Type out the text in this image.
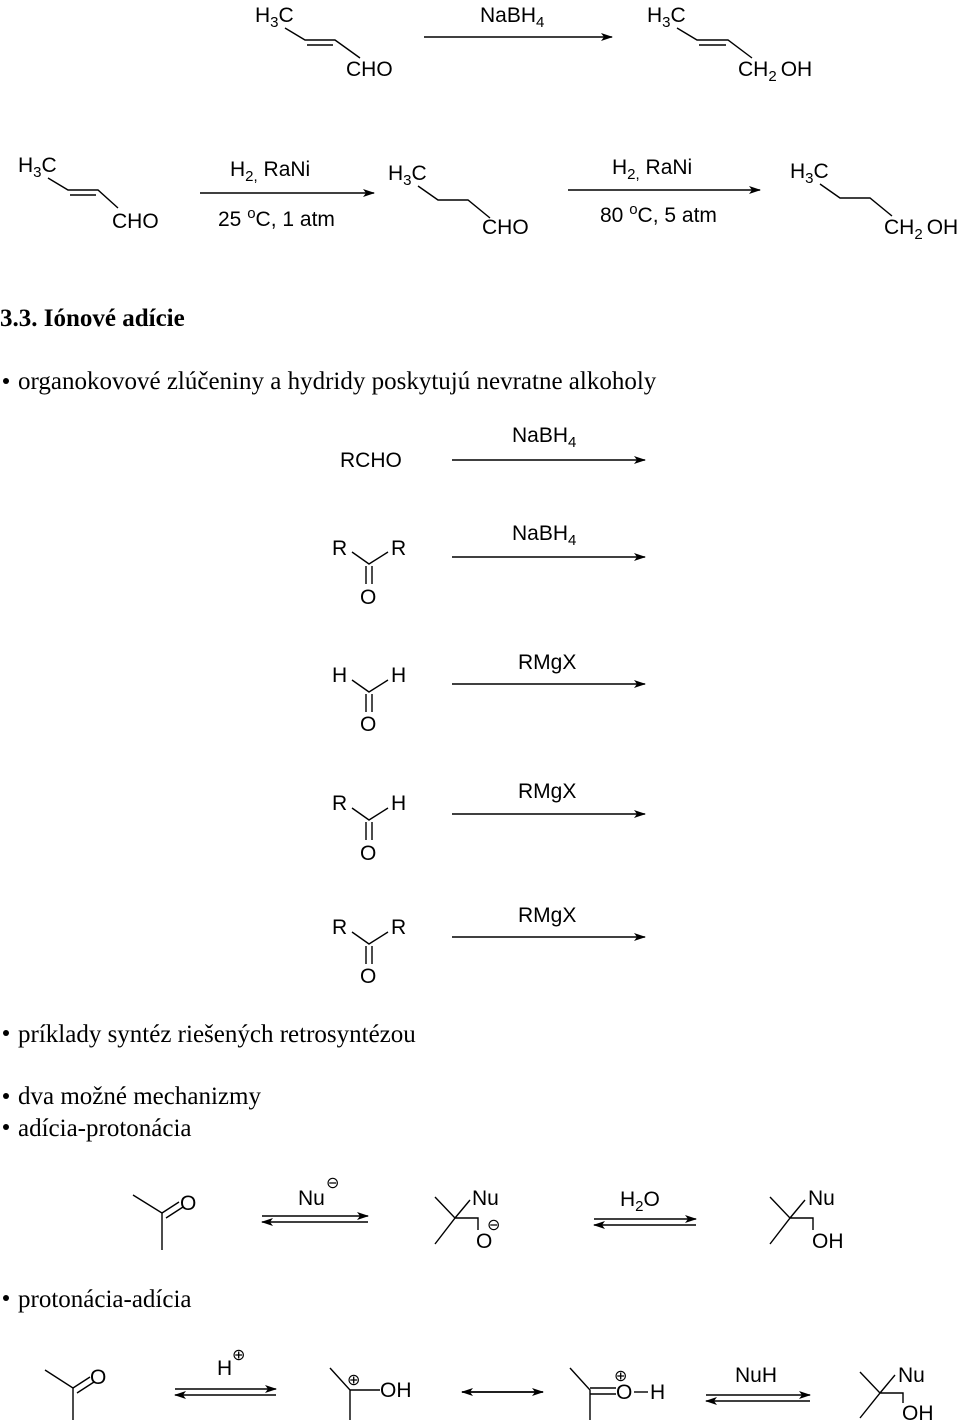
$H_3C$
CHO
NaBH$_4$	$H_3C$
$CH_2$ OH
$H_3C$
CHO
$H_{2,}$ RaNi
25 $^o$C, 1 atm
$H_3C$
CHO
$H_{2,}$ RaNi
80 $^o$C, 5 atm
$H_3C$
$CH_2$ OH
3.3. Iónové adície
organokovové zlúčeniny a hydridy poskytujú nevratne alkoholy
RCHO
NaBH$_4$
R R
O
NaBH$_4$
H H
O
RMgX
R H
O
RMgX
R R
O
RMgX
príklady syntéz riešených retrosyntézou
dva možné mechanizmy
adícia-protonácia
O	Nu
⊖
Nu
O
⊖
$H_2O$	Nu
OH
protonácia-adícia
O	H
⊕
⊕ OH
⊕
O H
NuH	Nu
OH
